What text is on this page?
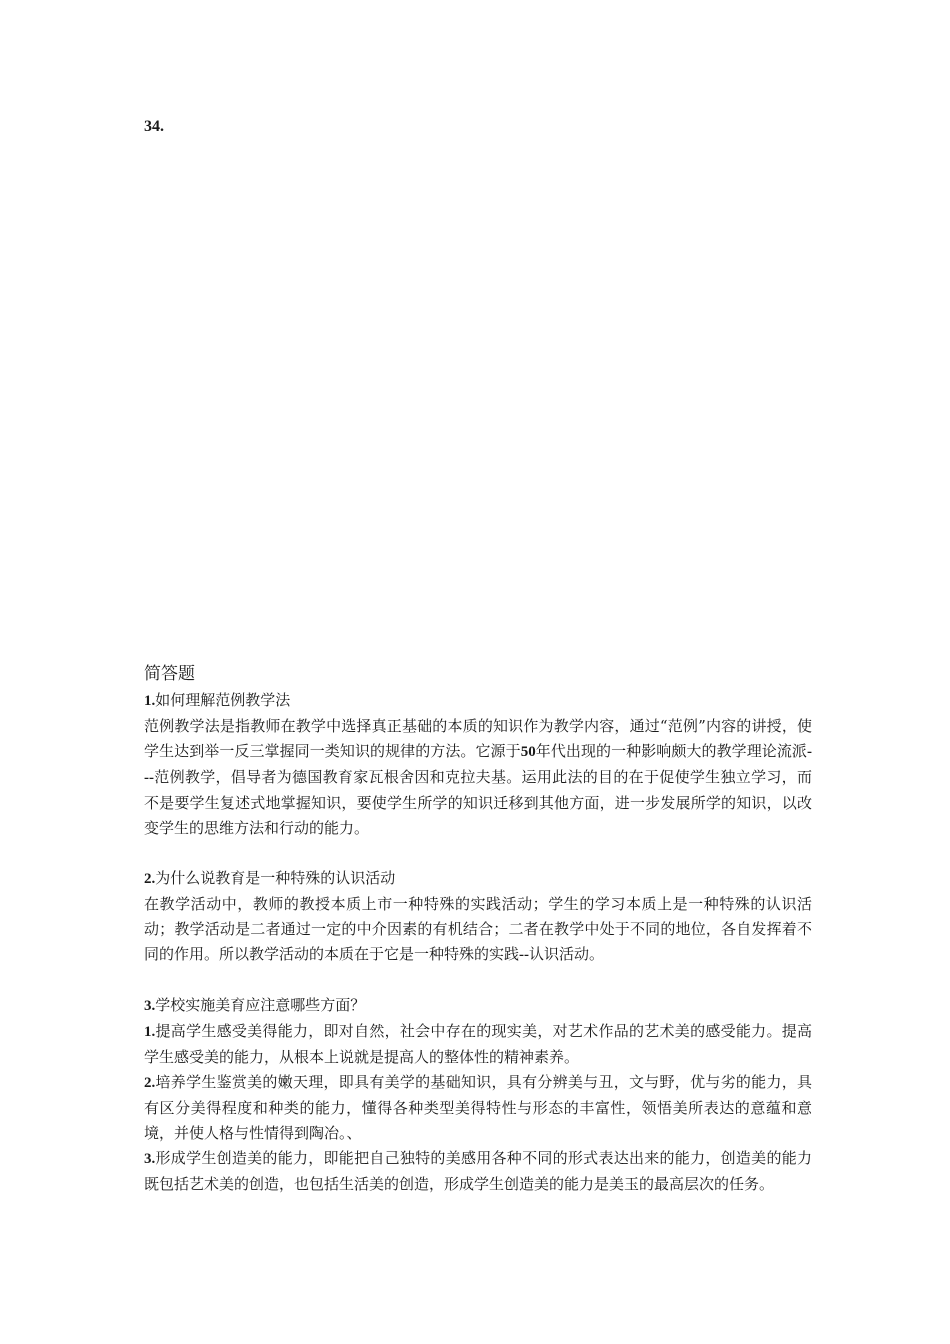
34.
简答题
1.如何理解范例教学法
范例教学法是指教师在教学中选择真正基础的本质的知识作为教学内容，通过“范例”内容的讲授，使学生达到举一反三掌握同一类知识的规律的方法。它源于50年代出现的一种影响颇大的教学理论流派---范例教学，倡导者为德国教育家瓦根舍因和克拉夫基。运用此法的目的在于促使学生独立学习，而不是要学生复述式地掌握知识，要使学生所学的知识迁移到其他方面，进一步发展所学的知识，以改变学生的思维方法和行动的能力。
2.为什么说教育是一种特殊的认识活动
在教学活动中，教师的教授本质上市一种特殊的实践活动；学生的学习本质上是一种特殊的认识活动；教学活动是二者通过一定的中介因素的有机结合；二者在教学中处于不同的地位，各自发挥着不同的作用。所以教学活动的本质在于它是一种特殊的实践--认识活动。
3.学校实施美育应注意哪些方面？
1.提高学生感受美得能力，即对自然，社会中存在的现实美，对艺术作品的艺术美的感受能力。提高学生感受美的能力，从根本上说就是提高人的整体性的精神素养。
2.培养学生鉴赏美的嫩天理，即具有美学的基础知识，具有分辨美与丑，文与野，优与劣的能力，具有区分美得程度和种类的能力，懂得各种类型美得特性与形态的丰富性，领悟美所表达的意蕴和意境，并使人格与性情得到陶冶。、
3.形成学生创造美的能力，即能把自己独特的美感用各种不同的形式表达出来的能力，创造美的能力既包括艺术美的创造，也包括生活美的创造，形成学生创造美的能力是美玉的最高层次的任务。
